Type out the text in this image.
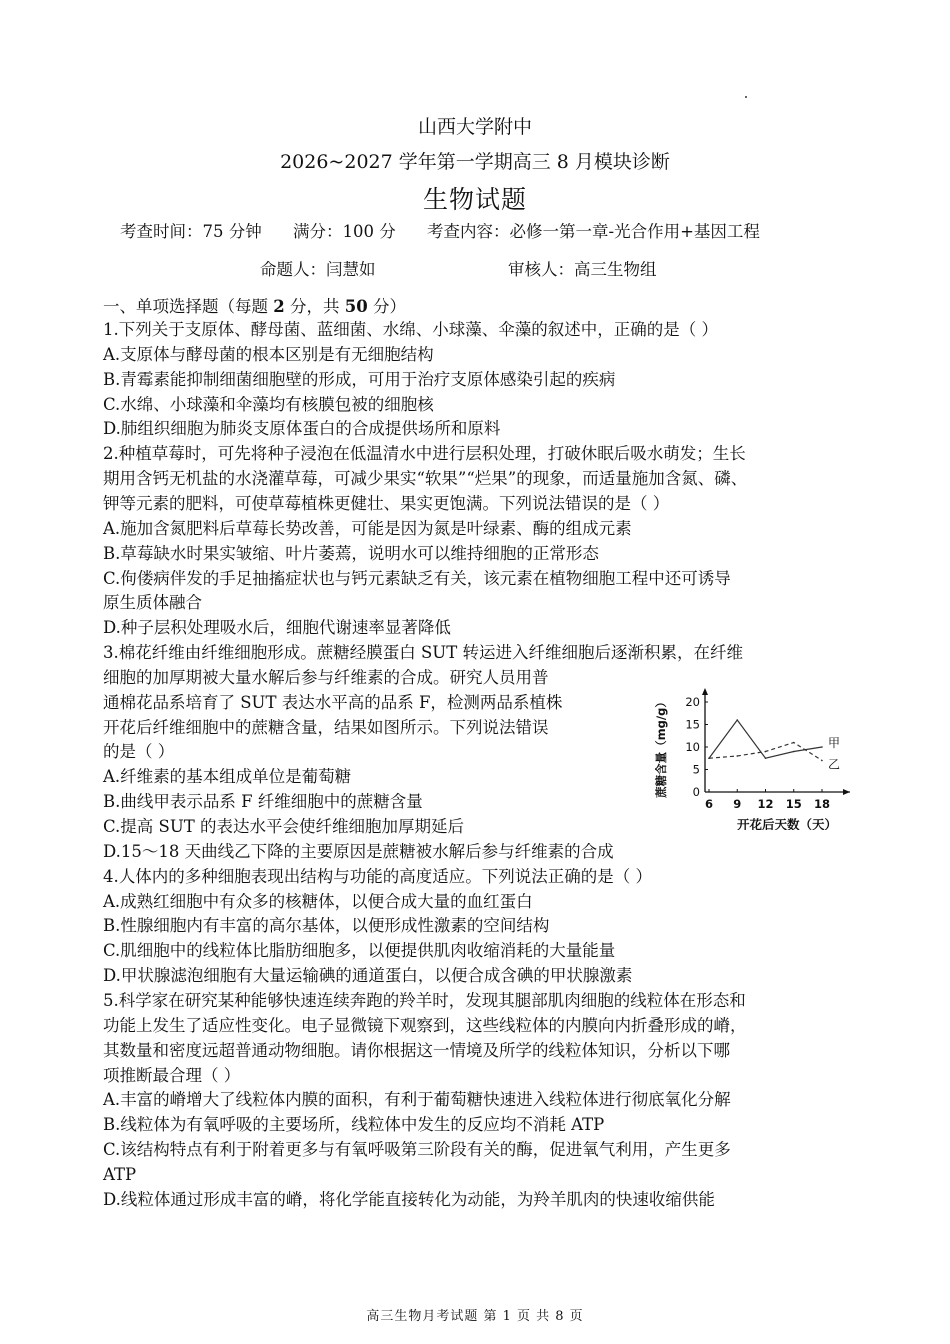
山西大学附中
2026~2027 学年第一学期高三 8 月模块诊断
生物试题
考查时间：75 分钟 满分：100 分 考查内容：必修一第一章-光合作用+基因工程
命题人：闫慧如	审核人：高三生物组
一、单项选择题（每题 2 分，共 50 分）
1.下列关于支原体、酵母菌、蓝细菌、水绵、小球藻、伞藻的叙述中，正确的是（ ）
A.支原体与酵母菌的根本区别是有无细胞结构
B.青霉素能抑制细菌细胞壁的形成，可用于治疗支原体感染引起的疾病
C.水绵、小球藻和伞藻均有核膜包被的细胞核
D.肺组织细胞为肺炎支原体蛋白的合成提供场所和原料
2.种植草莓时，可先将种子浸泡在低温清水中进行层积处理，打破休眠后吸水萌发；生长
期用含钙无机盐的水浇灌草莓，可减少果实“软果”“烂果”的现象，而适量施加含氮、磷、
钾等元素的肥料，可使草莓植株更健壮、果实更饱满。下列说法错误的是（ ）
A.施加含氮肥料后草莓长势改善，可能是因为氮是叶绿素、酶的组成元素
B.草莓缺水时果实皱缩、叶片萎蔫，说明水可以维持细胞的正常形态
C.佝偻病伴发的手足抽搐症状也与钙元素缺乏有关，该元素在植物细胞工程中还可诱导
原生质体融合
D.种子层积处理吸水后，细胞代谢速率显著降低
3.棉花纤维由纤维细胞形成。蔗糖经膜蛋白 SUT 转运进入纤维细胞后逐渐积累，在纤维
细胞的加厚期被大量水解后参与纤维素的合成。研究人员用普
通棉花品系培育了 SUT 表达水平高的品系 F，检测两品系植株
开花后纤维细胞中的蔗糖含量，结果如图所示。下列说法错误
的是（ ）
A.纤维素的基本组成单位是葡萄糖
B.曲线甲表示品系 F 纤维细胞中的蔗糖含量
C.提高 SUT 的表达水平会使纤维细胞加厚期延后
D.15～18 天曲线乙下降的主要原因是蔗糖被水解后参与纤维素的合成
4.人体内的多种细胞表现出结构与功能的高度适应。下列说法正确的是（ ）
A.成熟红细胞中有众多的核糖体，以便合成大量的血红蛋白
B.性腺细胞内有丰富的高尔基体，以便形成性激素的空间结构
C.肌细胞中的线粒体比脂肪细胞多，以便提供肌肉收缩消耗的大量能量
D.甲状腺滤泡细胞有大量运输碘的通道蛋白，以便合成含碘的甲状腺激素
5.科学家在研究某种能够快速连续奔跑的羚羊时，发现其腿部肌肉细胞的线粒体在形态和
功能上发生了适应性变化。电子显微镜下观察到，这些线粒体的内膜向内折叠形成的嵴，
其数量和密度远超普通动物细胞。请你根据这一情境及所学的线粒体知识，分析以下哪
项推断最合理（ ）
A.丰富的嵴增大了线粒体内膜的面积，有利于葡萄糖快速进入线粒体进行彻底氧化分解
B.线粒体为有氧呼吸的主要场所，线粒体中发生的反应均不消耗 ATP
C.该结构特点有利于附着更多与有氧呼吸第三阶段有关的酶，促进氧气利用，产生更多
ATP
D.线粒体通过形成丰富的嵴，将化学能直接转化为动能，为羚羊肌肉的快速收缩供能
0
5
10
15
20
6 9 12 15 18
蔗糖含量（mg/g）
开花后天数（天）
甲
乙
高三生物月考试题 第 1 页 共 8 页
